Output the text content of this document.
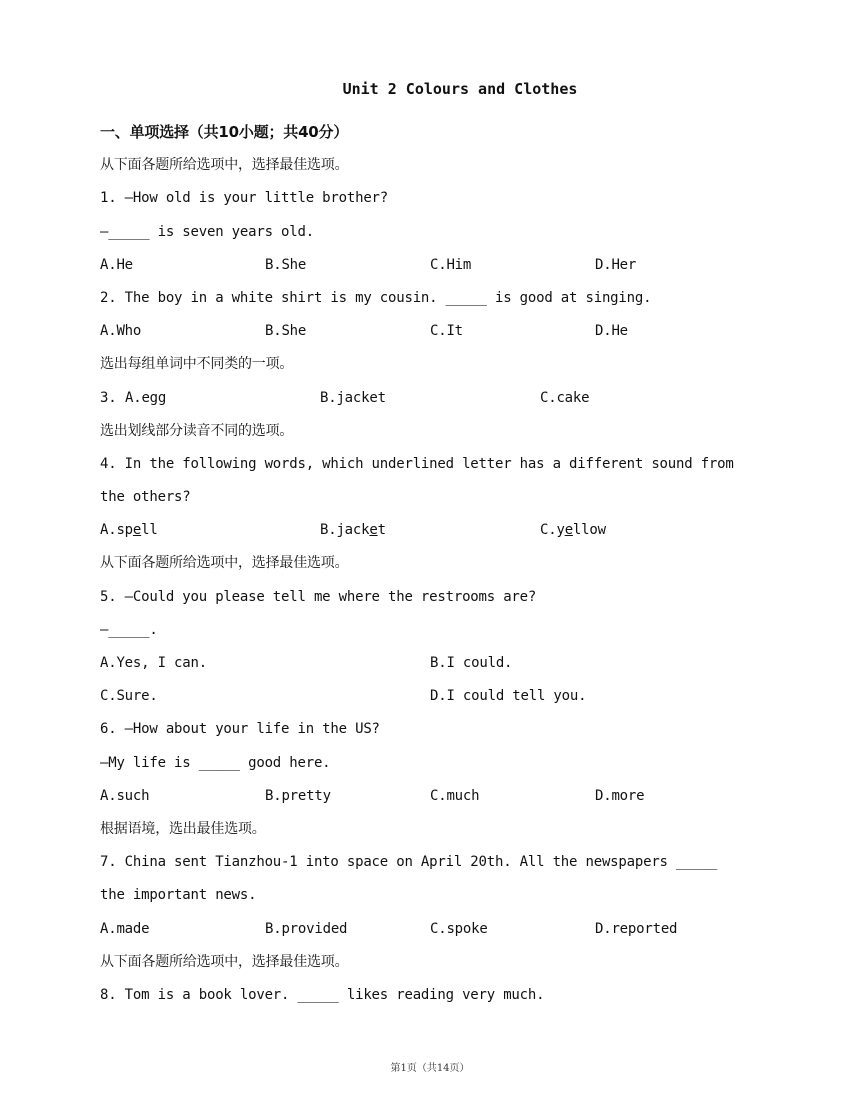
Unit 2 Colours and Clothes
一、单项选择（共10小题；共40分）
从下面各题所给选项中，选择最佳选项。
1. —How old is your little brother?
—_____ is seven years old.
A.He	B.She	C.Him	D.Her
2. The boy in a white shirt is my cousin. _____ is good at singing.
A.Who	B.She	C.It	D.He
选出每组单词中不同类的一项。
3. A.egg	B.jacket	C.cake
选出划线部分读音不同的选项。
4. In the following words, which underlined letter has a different sound from
the others?
A.spell	B.jacket	C.yellow
从下面各题所给选项中，选择最佳选项。
5. —Could you please tell me where the restrooms are?
—_____.
A.Yes, I can.	B.I could.
C.Sure.	D.I could tell you.
6. —How about your life in the US?
—My life is _____ good here.
A.such	B.pretty	C.much	D.more
根据语境，选出最佳选项。
7. China sent Tianzhou-1 into space on April 20th. All the newspapers _____
the important news.
A.made	B.provided	C.spoke	D.reported
从下面各题所给选项中，选择最佳选项。
8. Tom is a book lover. _____ likes reading very much.
第1页（共14页）
